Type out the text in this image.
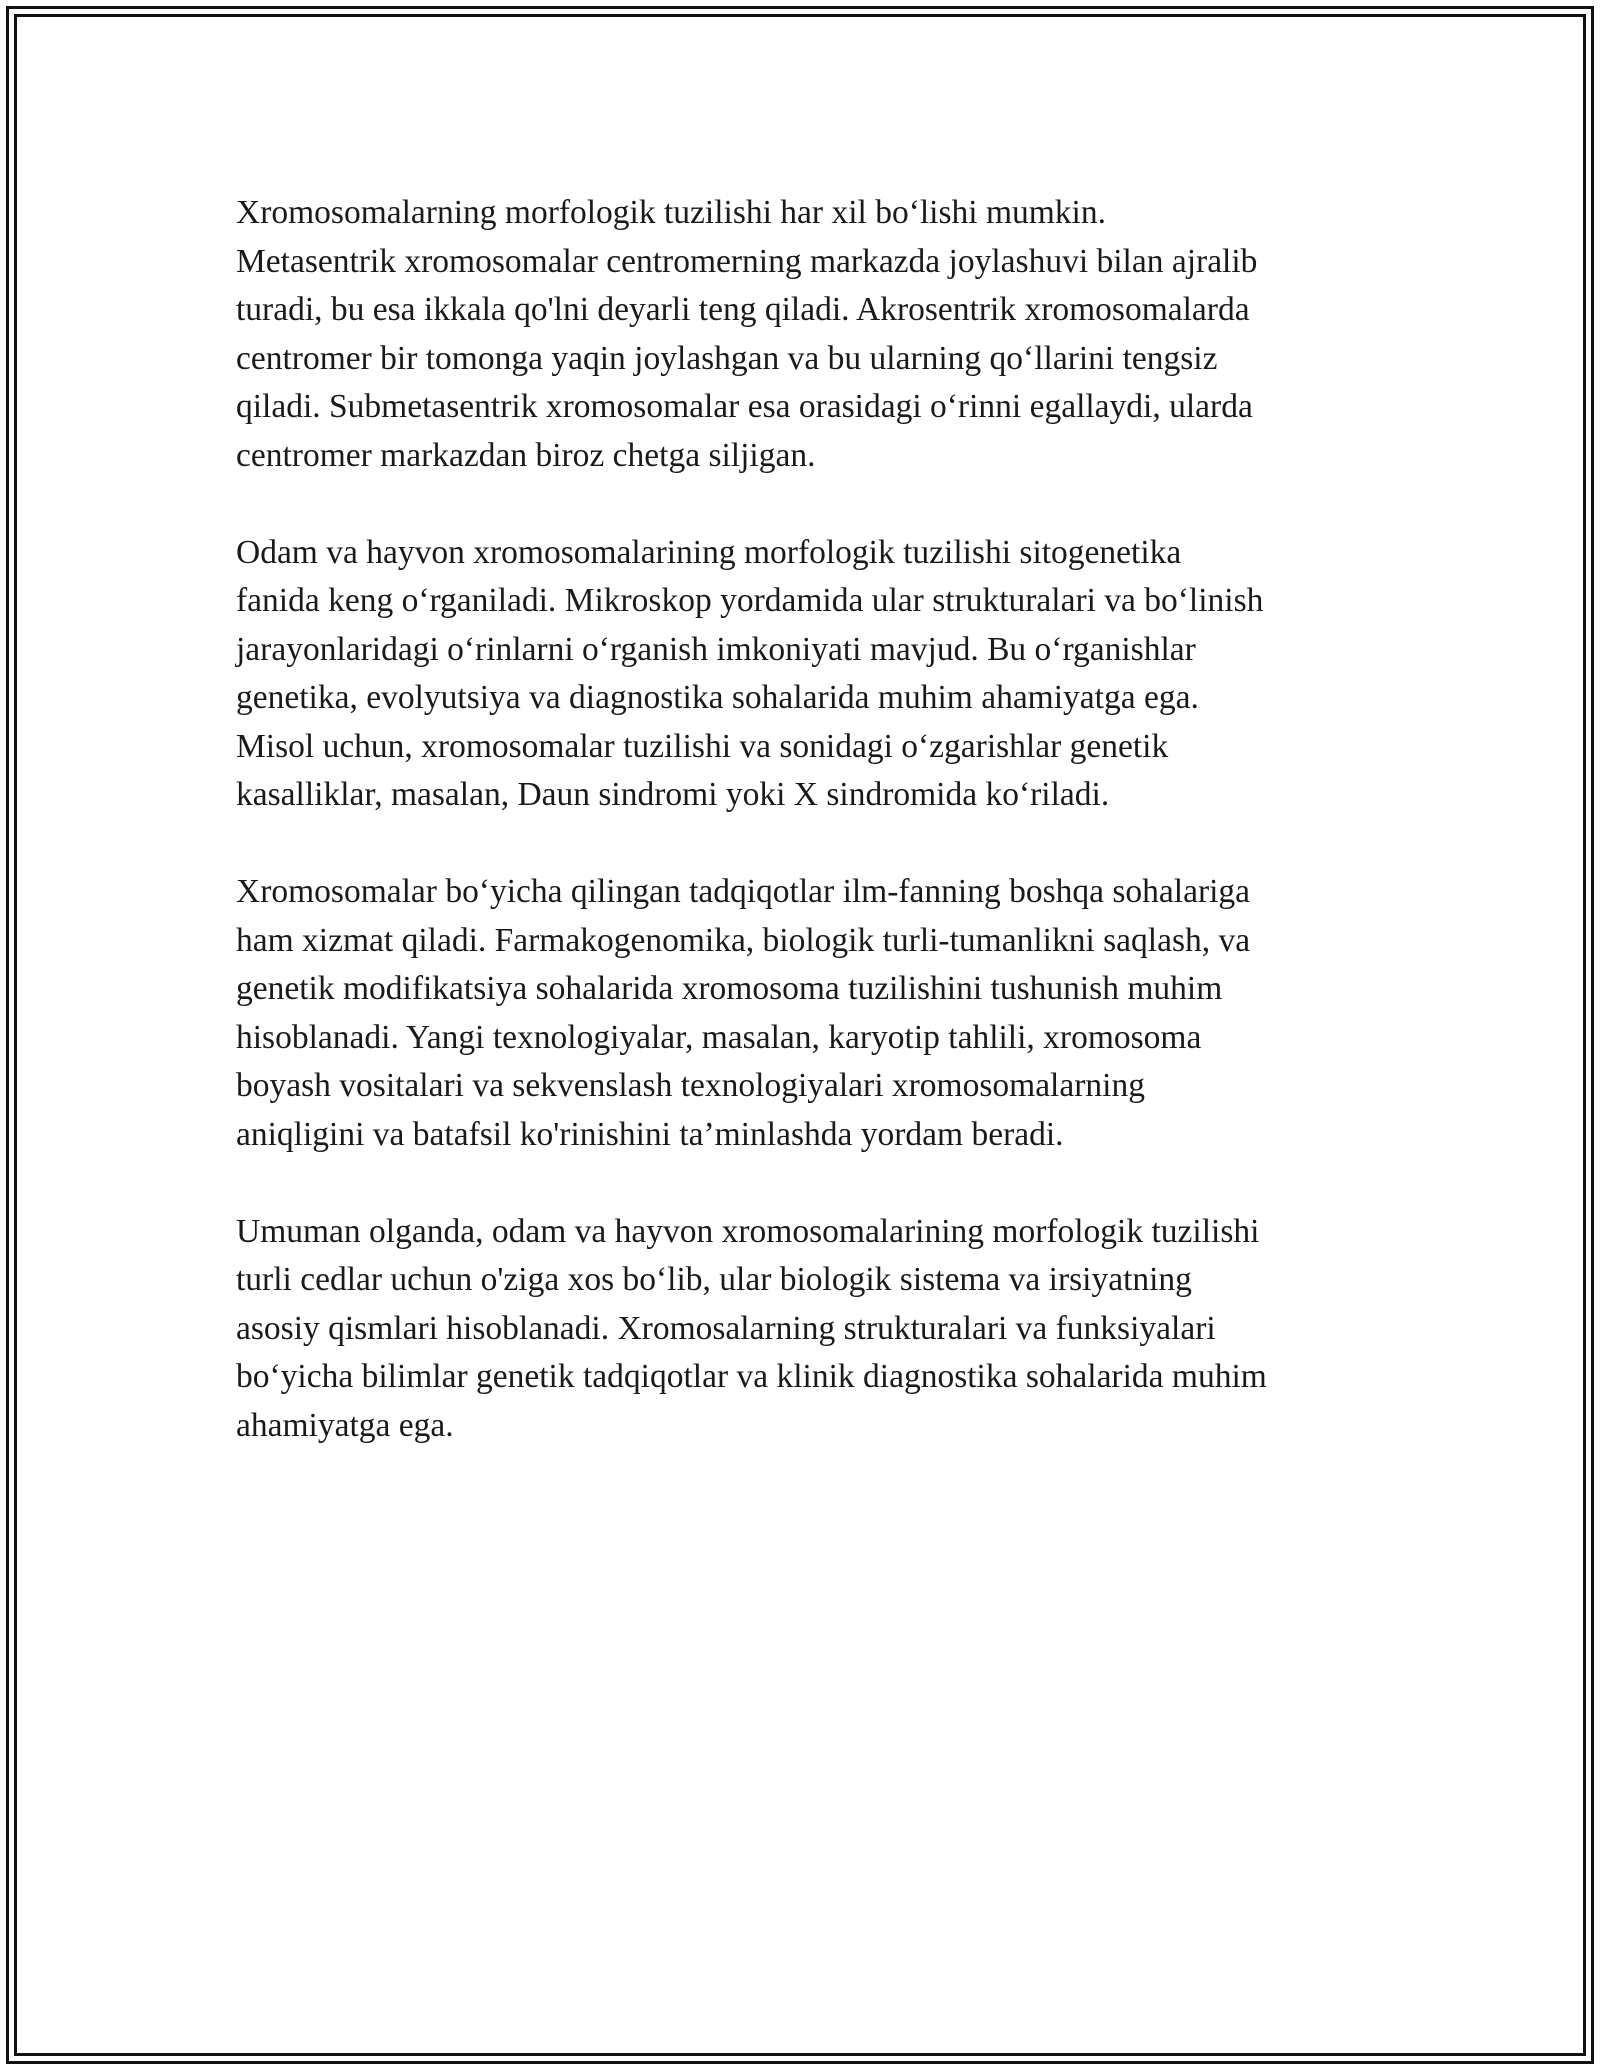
Xromosomalarning morfologik tuzilishi har xil bo‘lishi mumkin.
Metasentrik xromosomalar centromerning markazda joylashuvi bilan ajralib
turadi, bu esa ikkala qo'lni deyarli teng qiladi. Akrosentrik xromosomalarda
centromer bir tomonga yaqin joylashgan va bu ularning qo‘llarini tengsiz
qiladi. Submetasentrik xromosomalar esa orasidagi o‘rinni egallaydi, ularda
centromer markazdan biroz chetga siljigan.

Odam va hayvon xromosomalarining morfologik tuzilishi sitogenetika
fanida keng o‘rganiladi. Mikroskop yordamida ular strukturalari va bo‘linish
jarayonlaridagi o‘rinlarni o‘rganish imkoniyati mavjud. Bu o‘rganishlar
genetika, evolyutsiya va diagnostika sohalarida muhim ahamiyatga ega.
Misol uchun, xromosomalar tuzilishi va sonidagi o‘zgarishlar genetik
kasalliklar, masalan, Daun sindromi yoki X sindromida ko‘riladi.

Xromosomalar bo‘yicha qilingan tadqiqotlar ilm-fanning boshqa sohalariga
ham xizmat qiladi. Farmakogenomika, biologik turli-tumanlikni saqlash, va
genetik modifikatsiya sohalarida xromosoma tuzilishini tushunish muhim
hisoblanadi. Yangi texnologiyalar, masalan, karyotip tahlili, xromosoma
boyash vositalari va sekvenslash texnologiyalari xromosomalarning
aniqligini va batafsil ko'rinishini ta’minlashda yordam beradi.

Umuman olganda, odam va hayvon xromosomalarining morfologik tuzilishi
turli cedlar uchun o'ziga xos bo‘lib, ular biologik sistema va irsiyatning
asosiy qismlari hisoblanadi. Xromosalarning strukturalari va funksiyalari
bo‘yicha bilimlar genetik tadqiqotlar va klinik diagnostika sohalarida muhim
ahamiyatga ega.
